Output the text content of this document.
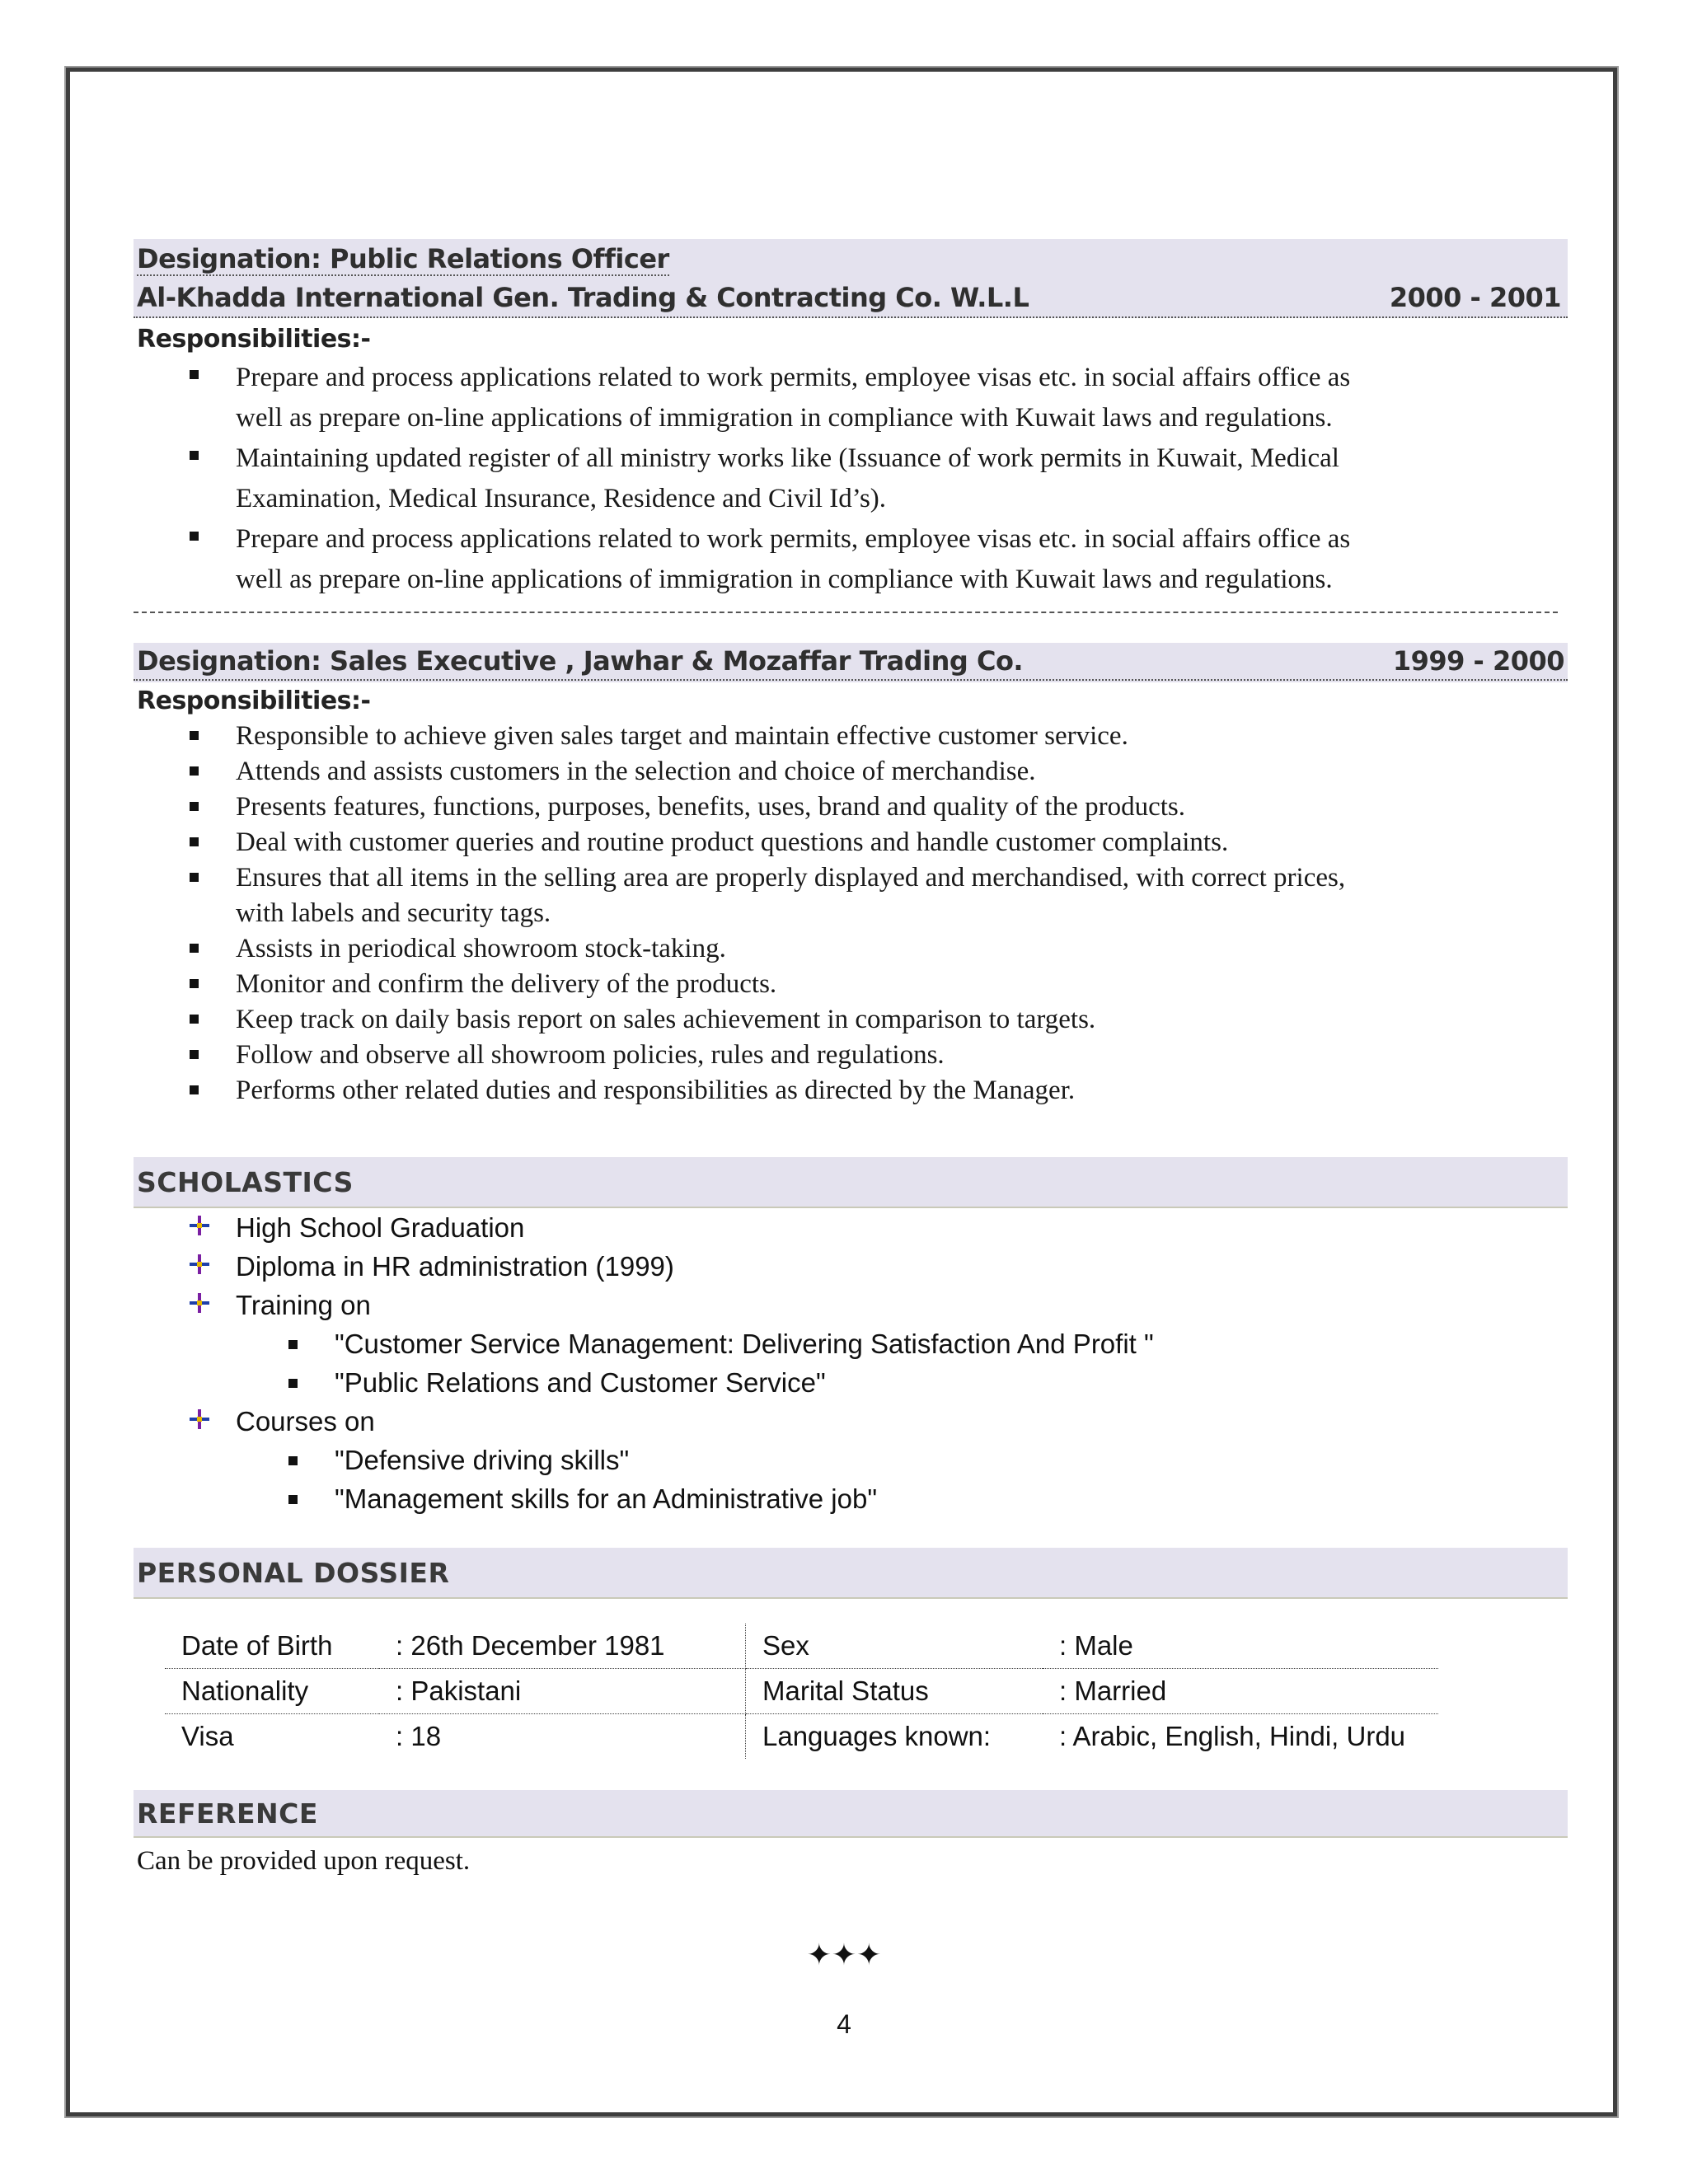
Designation: Public Relations Officer
Al-Khadda International Gen. Trading & Contracting Co. W.L.L	2000 - 2001
Responsibilities:-
Prepare and process applications related to work permits, employee visas etc. in social affairs office as
well as prepare on-line applications of immigration in compliance with Kuwait laws and regulations.
Maintaining updated register of all ministry works like (Issuance of work permits in Kuwait, Medical
Examination, Medical Insurance, Residence and Civil Id’s).
Prepare and process applications related to work permits, employee visas etc. in social affairs office as
well as prepare on-line applications of immigration in compliance with Kuwait laws and regulations.
Designation: Sales Executive , Jawhar & Mozaffar Trading Co.	1999 - 2000
Responsibilities:-
Responsible to achieve given sales target and maintain effective customer service.
Attends and assists customers in the selection and choice of merchandise.
Presents features, functions, purposes, benefits, uses, brand and quality of the products.
Deal with customer queries and routine product questions and handle customer complaints.
Ensures that all items in the selling area are properly displayed and merchandised, with correct prices,
with labels and security tags.
Assists in periodical showroom stock-taking.
Monitor and confirm the delivery of the products.
Keep track on daily basis report on sales achievement in comparison to targets.
Follow and observe all showroom policies, rules and regulations.
Performs other related duties and responsibilities as directed by the Manager.
SCHOLASTICS
High School Graduation
Diploma in HR administration (1999)
Training on
"Customer Service Management: Delivering Satisfaction And Profit "
"Public Relations and Customer Service"
Courses on
"Defensive driving skills"
"Management skills for an Administrative job"
PERSONAL DOSSIER
Date of Birth	: 26th December 1981	Sex	: Male
Nationality	: Pakistani	Marital Status	: Married
Visa	: 18	Languages known:	: Arabic, English, Hindi, Urdu
REFERENCE
Can be provided upon request.
✦✦✦
4
